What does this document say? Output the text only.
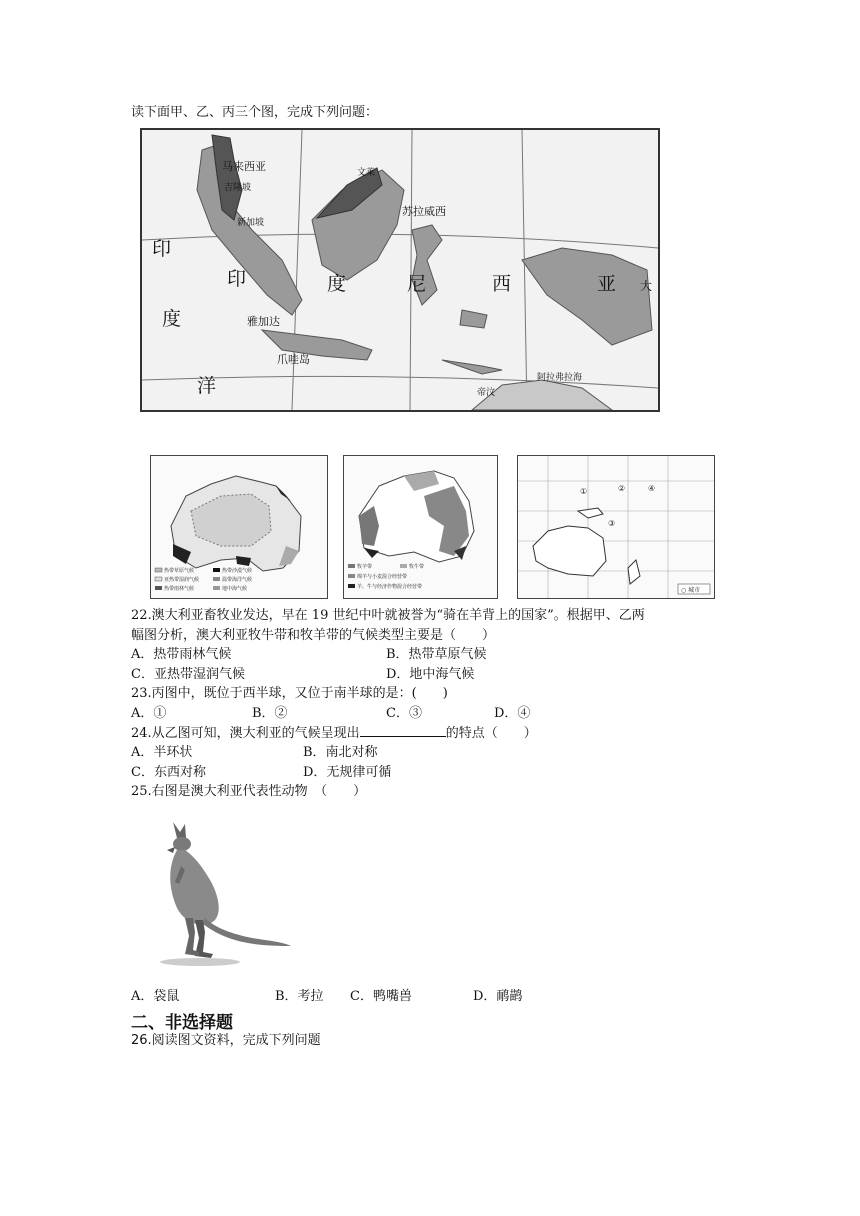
读下面甲、乙、丙三个图，完成下列问题：
马来西亚
吉隆坡
新加坡
文莱
苏拉威西
印
印	度	尼	西	亚 大
度
洋
雅加达
爪哇岛
阿拉弗拉海
帝汶
热带草原气候	热带沙漠气候
亚热带湿润气候	温带海洋气候
热带雨林气候	地中海气候
牧羊带	牧牛带
绵羊与小麦混合经营带
羊、牛与经济作物混合经营带
①	②
③
④
○ 城市
22.澳大利亚畜牧业发达，早在 19 世纪中叶就被誉为“骑在羊背上的国家”。根据甲、乙两
幅图分析，澳大利亚牧牛带和牧羊带的气候类型主要是（　　）
A．热带雨林气候	B．热带草原气候
C．亚热带湿润气候	D．地中海气候
23.丙图中，既位于西半球，又位于南半球的是：(　　)
A．①	B．②	C．③	D．④
24.从乙图可知，澳大利亚的气候呈现出	的特点（　　）
A．半环状	B．南北对称
C．东西对称	D．无规律可循
25.右图是澳大利亚代表性动物　（　　）
A．袋鼠	B．考拉 C．鸭嘴兽	D．鸸鹋
二、非选择题
26.阅读图文资料，完成下列问题
